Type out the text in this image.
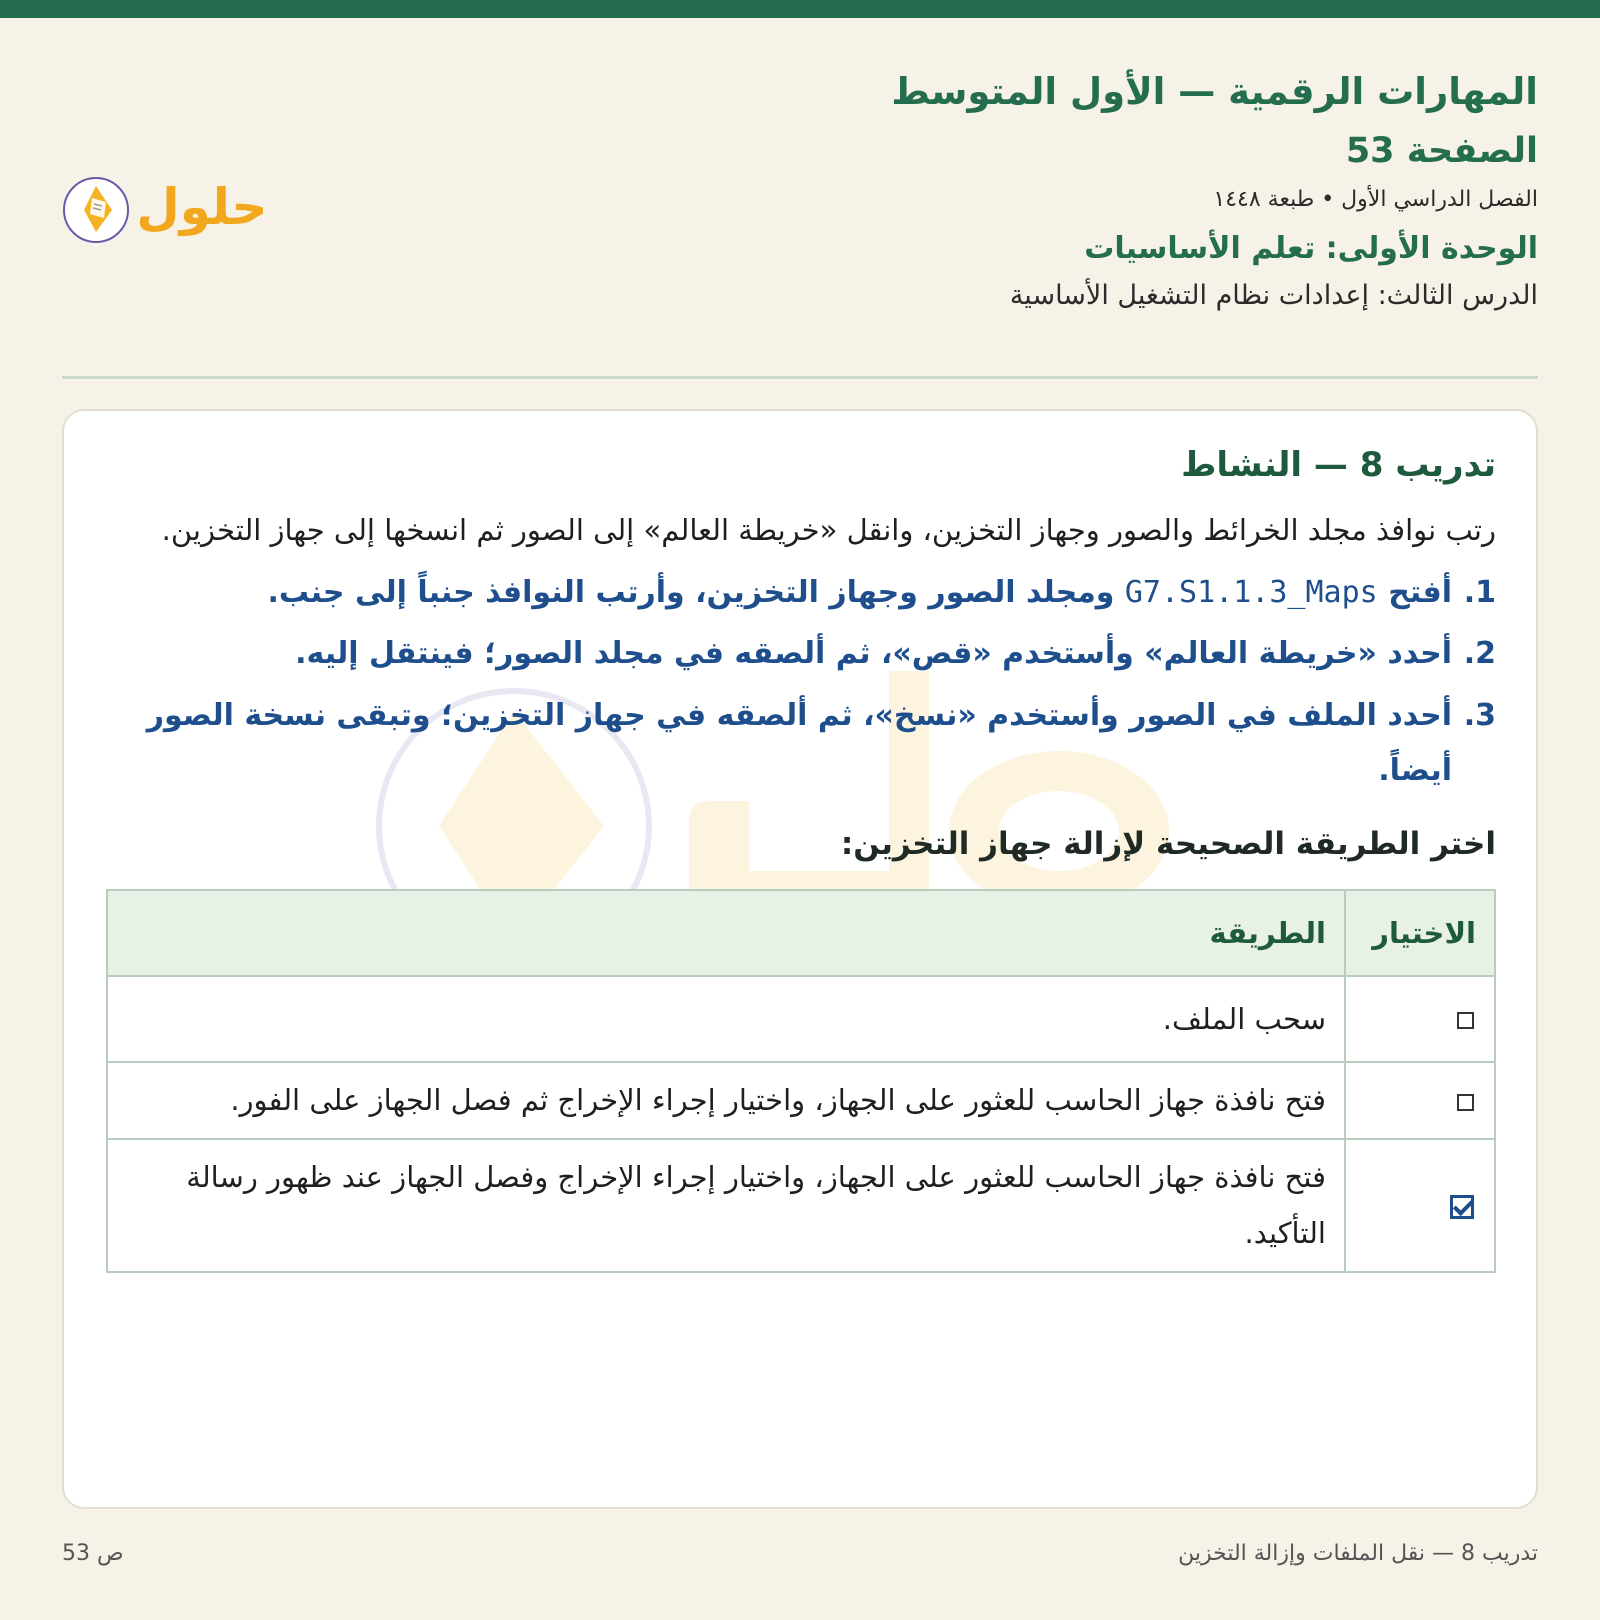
المهارات الرقمية — الأول المتوسط
الصفحة 53
الفصل الدراسي الأول • طبعة ١٤٤٨
الوحدة الأولى: تعلم الأساسيات
الدرس الثالث: إعدادات نظام التشغيل الأساسية
حلول
تدريب 8 — النشاط

رتب نوافذ مجلد الخرائط والصور وجهاز التخزين، وانقل «خريطة العالم» إلى الصور ثم انسخها إلى جهاز التخزين.

1.
أفتح G7.S1.1.3_Maps ومجلد الصور وجهاز التخزين، وأرتب النوافذ جنباً إلى جنب.
2.
أحدد «خريطة العالم» وأستخدم «قص»، ثم ألصقه في مجلد الصور؛ فينتقل إليه.
3.
أحدد الملف في الصور وأستخدم «نسخ»، ثم ألصقه في جهاز التخزين؛ وتبقى نسخة الصور أيضاً.

اختر الطريقة الصحيحة لإزالة جهاز التخزين:

الاختيار	الطريقة
	سحب الملف.
	فتح نافذة جهاز الحاسب للعثور على الجهاز، واختيار إجراء الإخراج ثم فصل الجهاز على الفور.
	فتح نافذة جهاز الحاسب للعثور على الجهاز، واختيار إجراء الإخراج وفصل الجهاز عند ظهور رسالة التأكيد.
تدريب 8 — نقل الملفات وإزالة التخزين
ص 53
